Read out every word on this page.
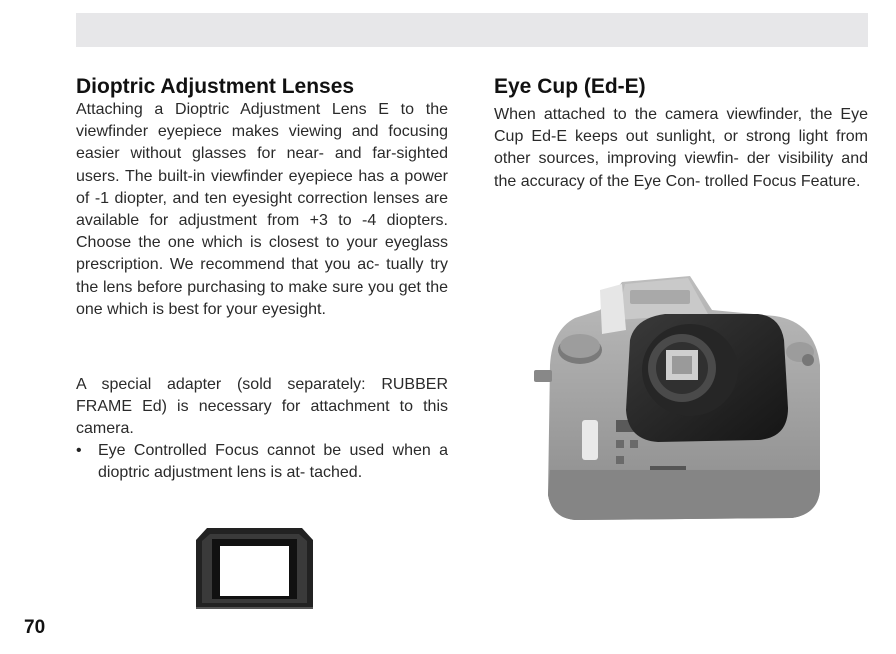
Dioptric Adjustment Lenses

Attaching a Dioptric Adjustment Lens E to the viewfinder eyepiece makes viewing and focusing easier without glasses for near- and far-sighted users. The built-in viewfinder eyepiece has a power of -1 diopter, and ten eyesight correction lenses are available for adjustment from +3 to -4 diopters. Choose the one which is closest to your eyeglass prescription. We recommend that you ac- tually try the lens before purchasing to make sure you get the one which is best for your eyesight.

A special adapter (sold separately: RUBBER FRAME Ed) is necessary for attachment to this camera.

•	Eye Controlled Focus cannot be used when a dioptric adjustment lens is at- tached.

Eye Cup (Ed-E)

When attached to the camera viewfinder, the Eye Cup Ed-E keeps out sunlight, or strong light from other sources, improving viewfin- der visibility and the accuracy of the Eye Con- trolled Focus Feature.

70
